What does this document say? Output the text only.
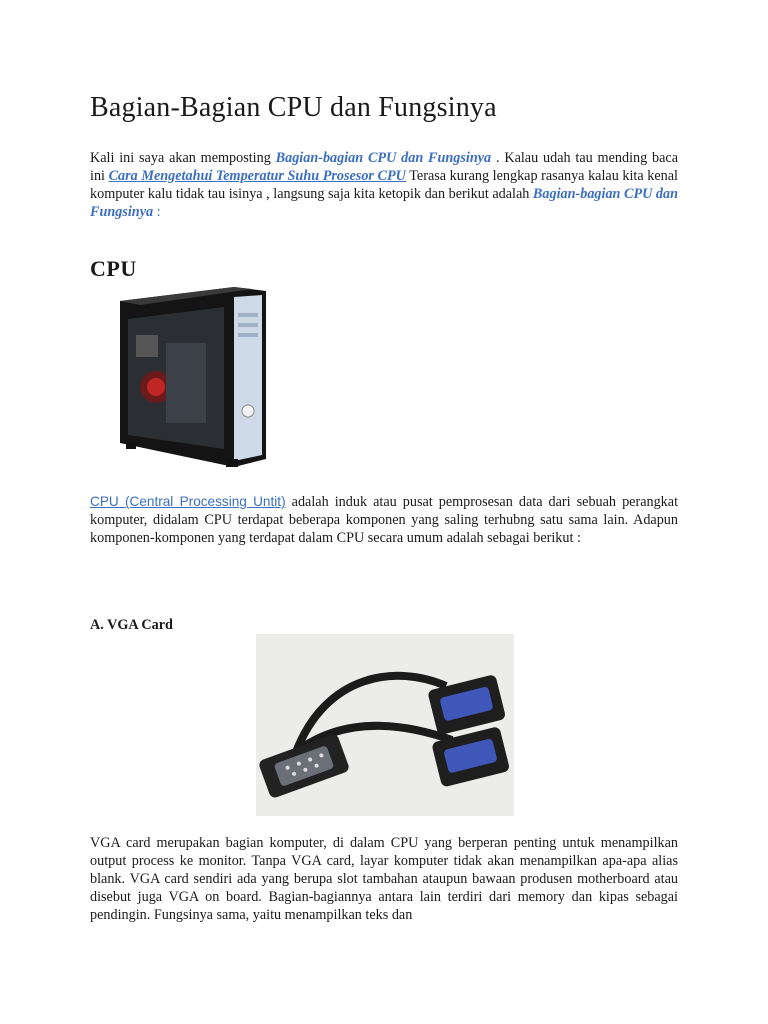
Bagian-Bagian CPU dan Fungsinya

Kali ini saya akan memposting Bagian-bagian CPU dan Fungsinya . Kalau udah tau mending baca ini Cara Mengetahui Temperatur Suhu Prosesor CPU Terasa kurang lengkap rasanya kalau kita kenal komputer kalu tidak tau isinya , langsung saja kita ketopik dan berikut adalah Bagian-bagian CPU dan Fungsinya :

CPU

CPU (Central Processing Untit) adalah induk atau pusat pemprosesan data dari sebuah perangkat komputer, didalam CPU terdapat beberapa komponen yang saling terhubng satu sama lain. Adapun komponen-komponen yang terdapat dalam CPU secara umum adalah sebagai berikut :

A. VGA Card

VGA card merupakan bagian komputer, di dalam CPU yang berperan penting untuk menampilkan output process ke monitor. Tanpa VGA card, layar komputer tidak akan menampilkan apa-apa alias blank. VGA card sendiri ada yang berupa slot tambahan ataupun bawaan produsen motherboard atau disebut juga VGA on board. Bagian-bagiannya antara lain terdiri dari memory dan kipas sebagai pendingin. Fungsinya sama, yaitu menampilkan teks dan
